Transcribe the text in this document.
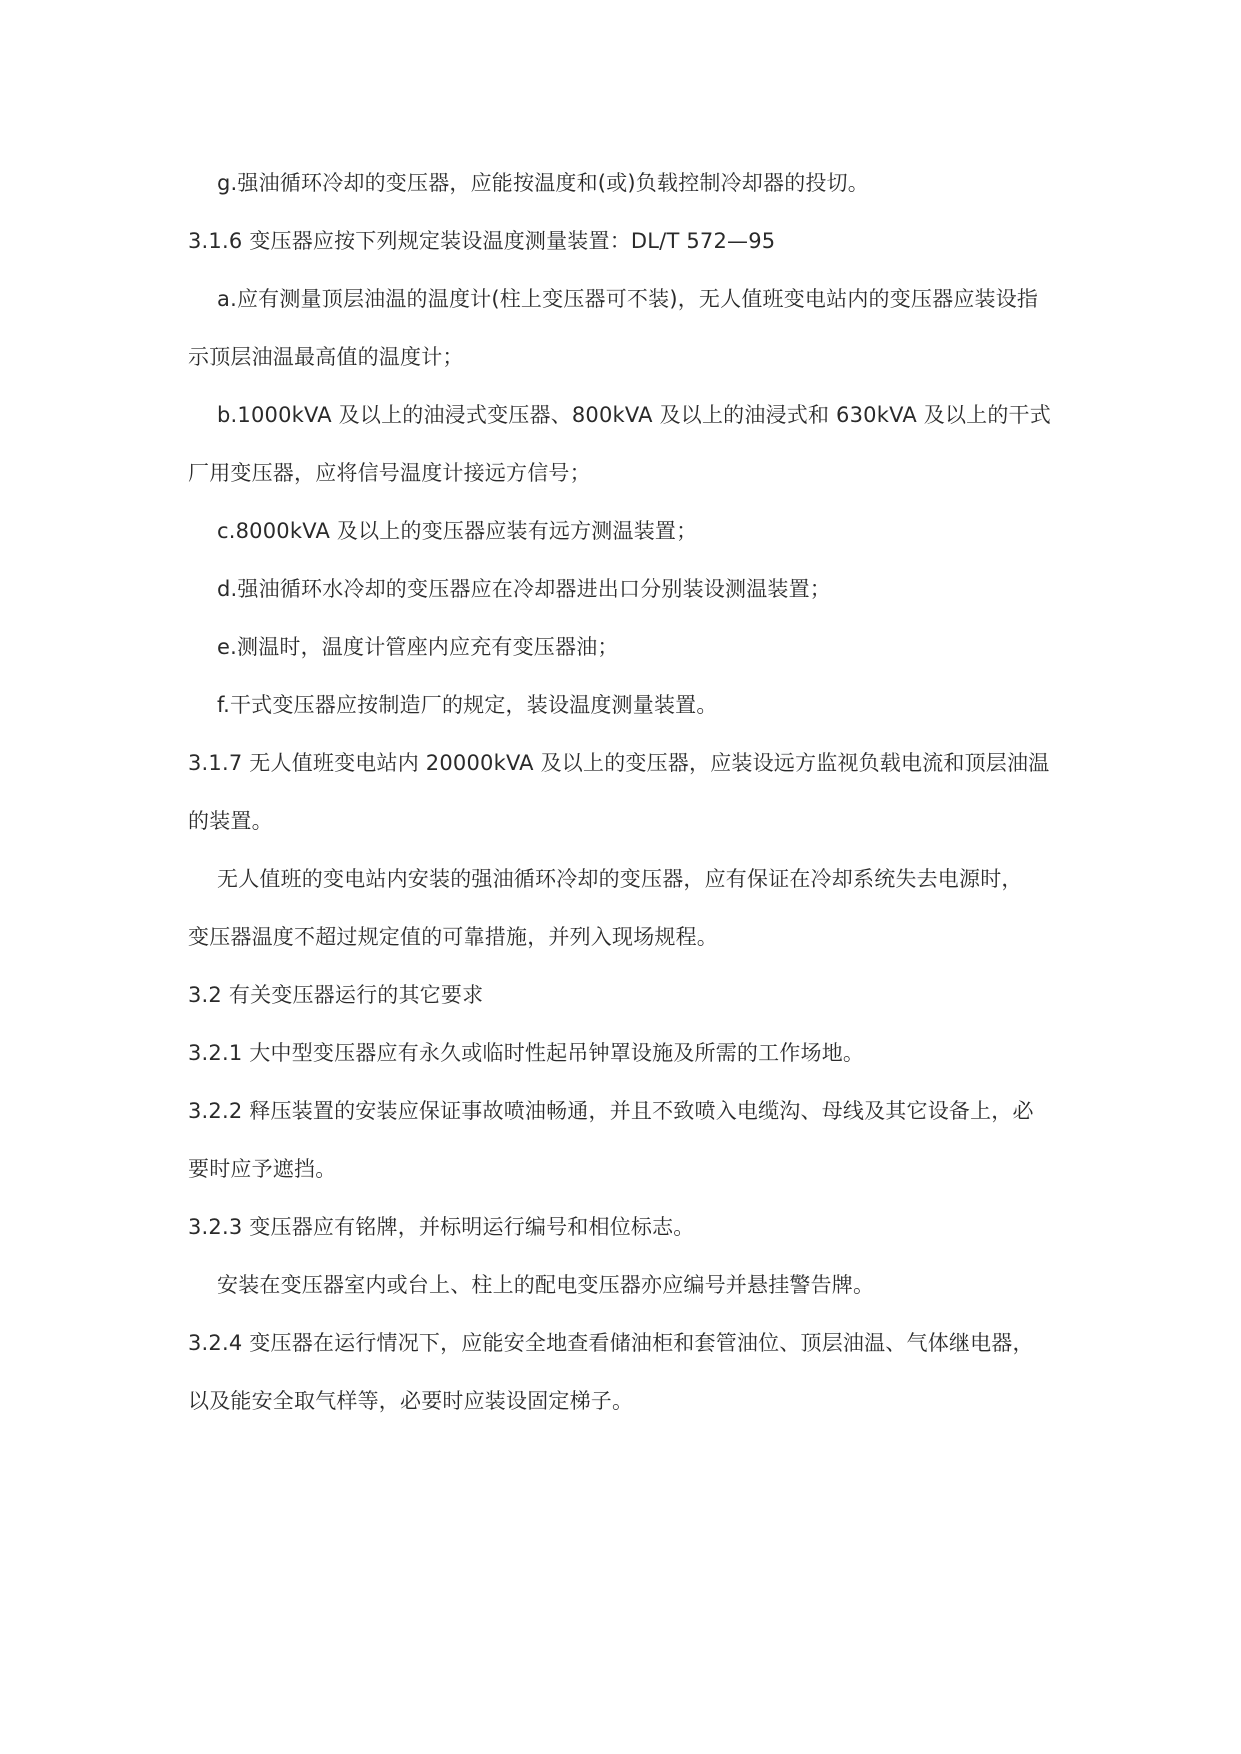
g.强油循环冷却的变压器，应能按温度和(或)负载控制冷却器的投切。
3.1.6 变压器应按下列规定装设温度测量装置：DL/T 572—95
a.应有测量顶层油温的温度计(柱上变压器可不装)，无人值班变电站内的变压器应装设指
示顶层油温最高值的温度计；
b.1000kVA 及以上的油浸式变压器、800kVA 及以上的油浸式和 630kVA 及以上的干式
厂用变压器，应将信号温度计接远方信号；
c.8000kVA 及以上的变压器应装有远方测温装置；
d.强油循环水冷却的变压器应在冷却器进出口分别装设测温装置；
e.测温时，温度计管座内应充有变压器油；
f.干式变压器应按制造厂的规定，装设温度测量装置。
3.1.7 无人值班变电站内 20000kVA 及以上的变压器，应装设远方监视负载电流和顶层油温
的装置。
无人值班的变电站内安装的强油循环冷却的变压器，应有保证在冷却系统失去电源时，
变压器温度不超过规定值的可靠措施，并列入现场规程。
3.2 有关变压器运行的其它要求
3.2.1 大中型变压器应有永久或临时性起吊钟罩设施及所需的工作场地。
3.2.2 释压装置的安装应保证事故喷油畅通，并且不致喷入电缆沟、母线及其它设备上，必
要时应予遮挡。
3.2.3 变压器应有铭牌，并标明运行编号和相位标志。
安装在变压器室内或台上、柱上的配电变压器亦应编号并悬挂警告牌。
3.2.4 变压器在运行情况下，应能安全地查看储油柜和套管油位、顶层油温、气体继电器，
以及能安全取气样等，必要时应装设固定梯子。
